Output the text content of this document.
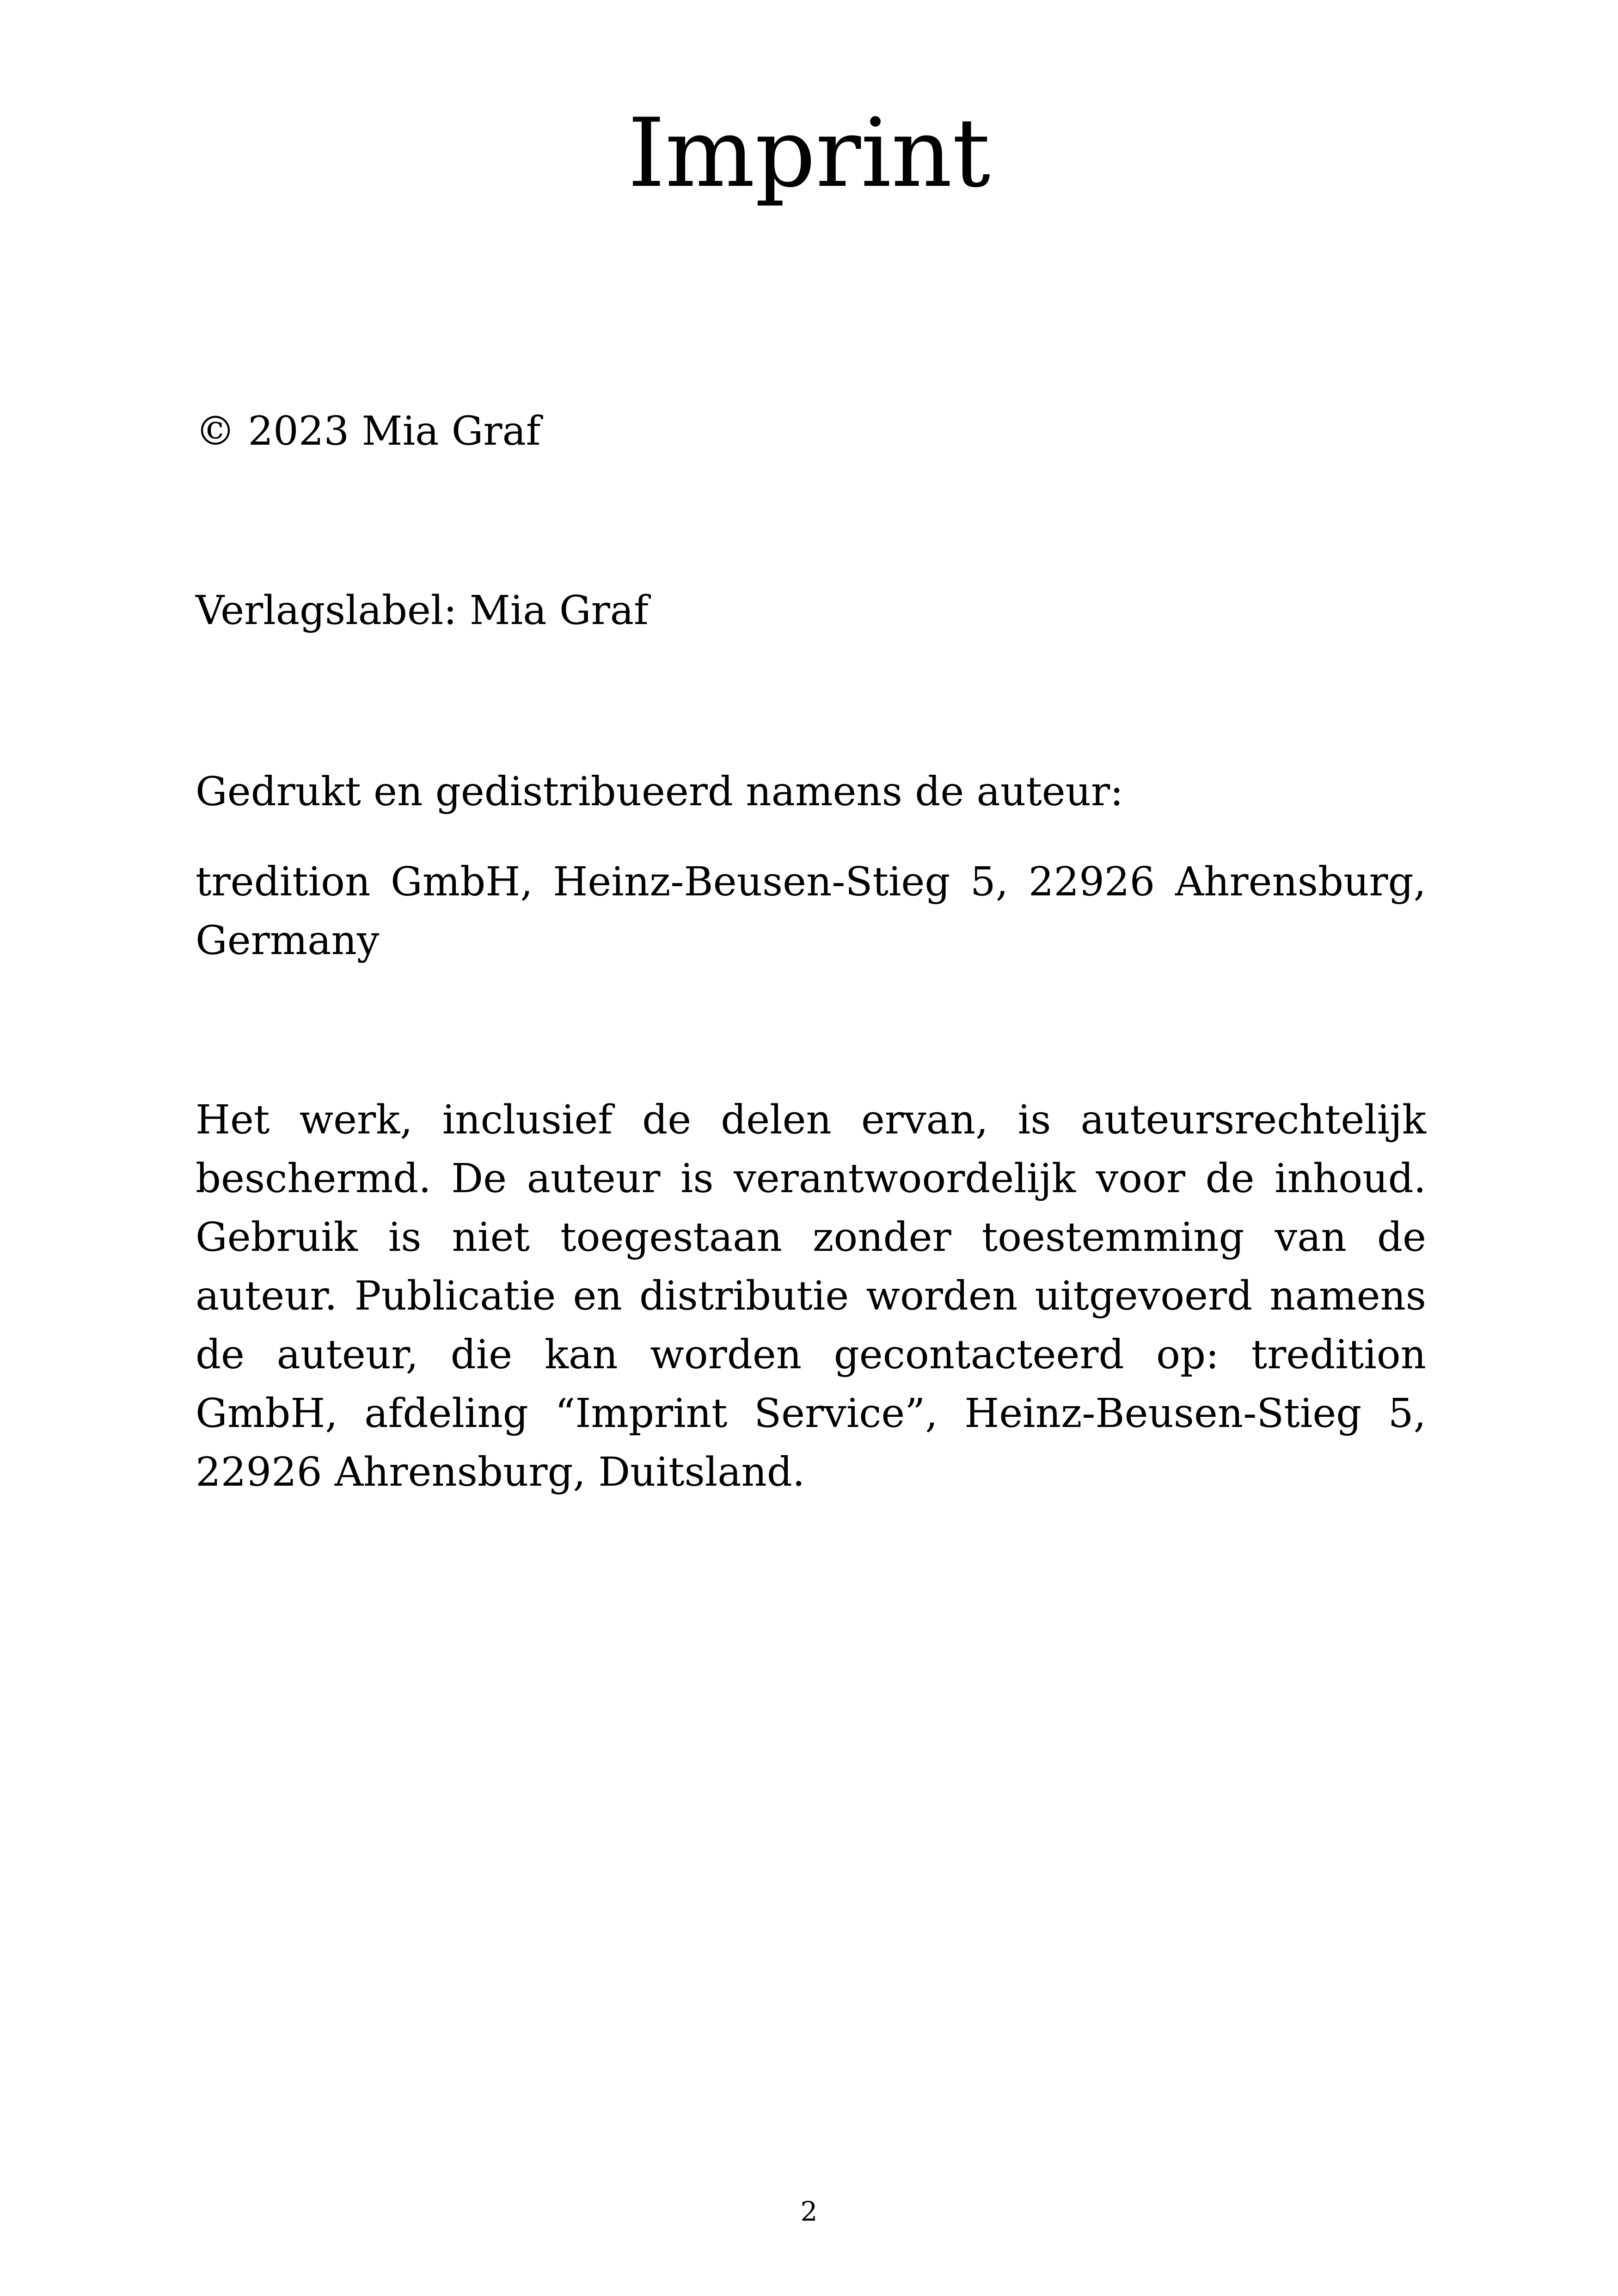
Imprint

© 2023 Mia Graf

Verlagslabel: Mia Graf

Gedrukt en gedistribueerd namens de auteur:

tredition GmbH, Heinz-Beusen-Stieg 5, 22926 Ahrensburg, Germany

Het werk, inclusief de delen ervan, is auteursrechtelijk beschermd. De auteur is verantwoordelijk voor de inhoud. Gebruik is niet toegestaan zonder toestemming van de auteur. Publicatie en distributie worden uitgevoerd namens de auteur, die kan worden gecontacteerd op: tredition GmbH, afdeling “Imprint Service”, Heinz-Beusen-Stieg 5, 22926 Ahrensburg, Duitsland.

2
